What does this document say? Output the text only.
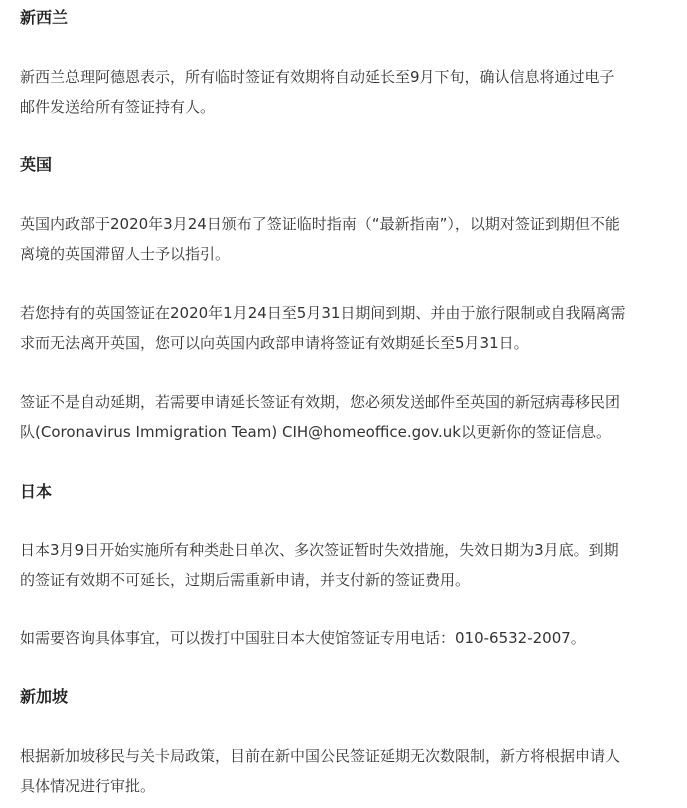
新西兰
新西兰总理阿德恩表示，所有临时签证有效期将自动延长至9月下旬，确认信息将通过电子
邮件发送给所有签证持有人。
英国
英国内政部于2020年3月24日颁布了签证临时指南（“最新指南”），以期对签证到期但不能
离境的英国滞留人士予以指引。
若您持有的英国签证在2020年1月24日至5月31日期间到期、并由于旅行限制或自我隔离需
求而无法离开英国，您可以向英国内政部申请将签证有效期延长至5月31日。
签证不是自动延期，若需要申请延长签证有效期，您必须发送邮件至英国的新冠病毒移民团
队(Coronavirus Immigration Team) CIH@homeoffice.gov.uk以更新你的签证信息。
日本
日本3月9日开始实施所有种类赴日单次、多次签证暂时失效措施，失效日期为3月底。到期
的签证有效期不可延长，过期后需重新申请，并支付新的签证费用。
如需要咨询具体事宜，可以拨打中国驻日本大使馆签证专用电话：010-6532-2007。
新加坡
根据新加坡移民与关卡局政策，目前在新中国公民签证延期无次数限制，新方将根据申请人
具体情况进行审批。
